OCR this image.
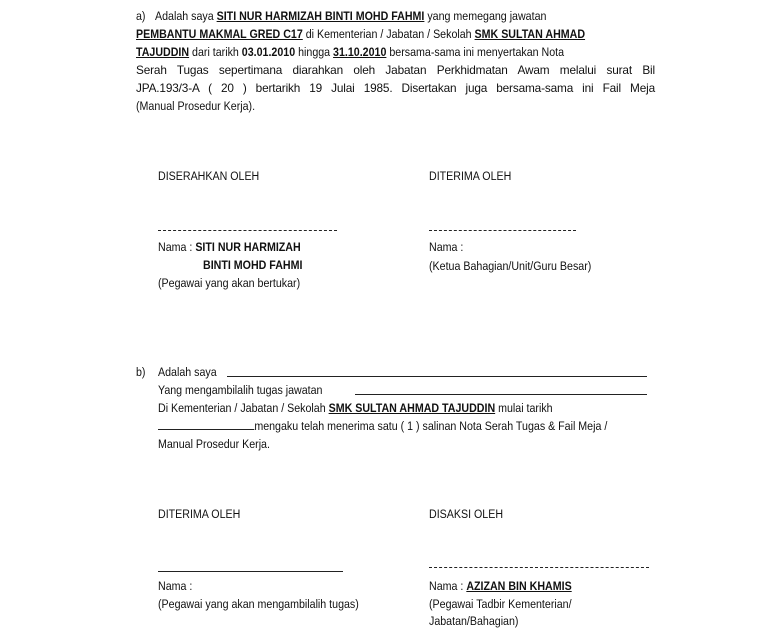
a) Adalah saya SITI NUR HARMIZAH BINTI MOHD FAHMI yang memegang jawatan
PEMBANTU MAKMAL GRED C17 di Kementerian / Jabatan / Sekolah SMK SULTAN AHMAD
TAJUDDIN dari tarikh 03.01.2010 hingga 31.10.2010 bersama-sama ini menyertakan Nota
Serah Tugas sepertimana diarahkan oleh Jabatan Perkhidmatan Awam melalui surat Bil
JPA.193/3-A ( 20 ) bertarikh 19 Julai 1985. Disertakan juga bersama-sama ini Fail Meja
(Manual Prosedur Kerja).
DISERAHKAN OLEH	DITERIMA OLEH
Nama : SITI NUR HARMIZAH
BINTI MOHD FAHMI
(Pegawai yang akan bertukar)
Nama :
(Ketua Bahagian/Unit/Guru Besar)
b) Adalah saya
Yang mengambilalih tugas jawatan
Di Kementerian / Jabatan / Sekolah SMK SULTAN AHMAD TAJUDDIN mulai tarikh
mengaku telah menerima satu ( 1 ) salinan Nota Serah Tugas & Fail Meja /
Manual Prosedur Kerja.
DITERIMA OLEH	DISAKSI OLEH
Nama :
(Pegawai yang akan mengambilalih tugas)
Nama : AZIZAN BIN KHAMIS
(Pegawai Tadbir Kementerian/
Jabatan/Bahagian)
